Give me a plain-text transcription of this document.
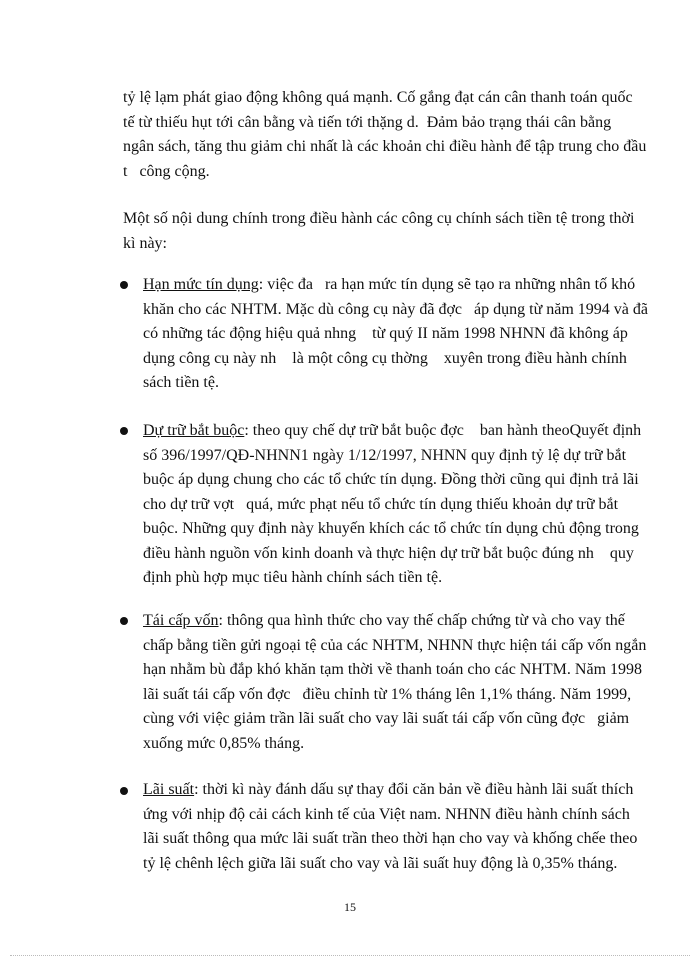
tỷ lệ lạm phát giao động không quá mạnh. Cố gắng đạt cán cân thanh toán quốc
tế từ thiếu hụt tới cân bằng và tiến tới thặng d.  Đảm bảo trạng thái cân bằng
ngân sách, tăng thu giảm chi nhất là các khoản chi điều hành để tập trung cho đầu
t   công cộng.
Một số nội dung chính trong điều hành các công cụ chính sách tiền tệ trong thời
kì này:
Hạn mức tín dụng: việc đa   ra hạn mức tín dụng sẽ tạo ra những nhân tố khó
khăn cho các NHTM. Mặc dù công cụ này đã đợc   áp dụng từ năm 1994 và đã
có những tác động hiệu quả nhng    từ quý II năm 1998 NHNN đã không áp
dụng công cụ này nh    là một công cụ thờng    xuyên trong điều hành chính
sách tiền tệ.
Dự trữ bắt buộc: theo quy chế dự trữ bắt buộc đợc    ban hành theoQuyết định
số 396/1997/QĐ-NHNN1 ngày 1/12/1997, NHNN quy định tỷ lệ dự trữ bắt
buộc áp dụng chung cho các tổ chức tín dụng. Đồng thời cũng qui định trả lãi
cho dự trữ vợt   quá, mức phạt nếu tổ chức tín dụng thiếu khoản dự trữ bắt
buộc. Những quy định này khuyến khích các tổ chức tín dụng chủ động trong
điều hành nguồn vốn kinh doanh và thực hiện dự trữ bắt buộc đúng nh    quy
định phù hợp mục tiêu hành chính sách tiền tệ.
Tái cấp vốn: thông qua hình thức cho vay thế chấp chứng từ và cho vay thế
chấp bằng tiền gửi ngoại tệ của các NHTM, NHNN thực hiện tái cấp vốn ngắn
hạn nhằm bù đắp khó khăn tạm thời về thanh toán cho các NHTM. Năm 1998
lãi suất tái cấp vốn đợc   điều chỉnh từ 1% tháng lên 1,1% tháng. Năm 1999,
cùng với việc giảm trần lãi suất cho vay lãi suất tái cấp vốn cũng đợc   giảm
xuống mức 0,85% tháng.
Lãi suất: thời kì này đánh dấu sự thay đổi căn bản về điều hành lãi suất thích
ứng với nhịp độ cải cách kinh tế của Việt nam. NHNN điều hành chính sách
lãi suất thông qua mức lãi suất trần theo thời hạn cho vay và khống chếe theo
tỷ lệ chênh lệch giữa lãi suất cho vay và lãi suất huy động là 0,35% tháng.
15
